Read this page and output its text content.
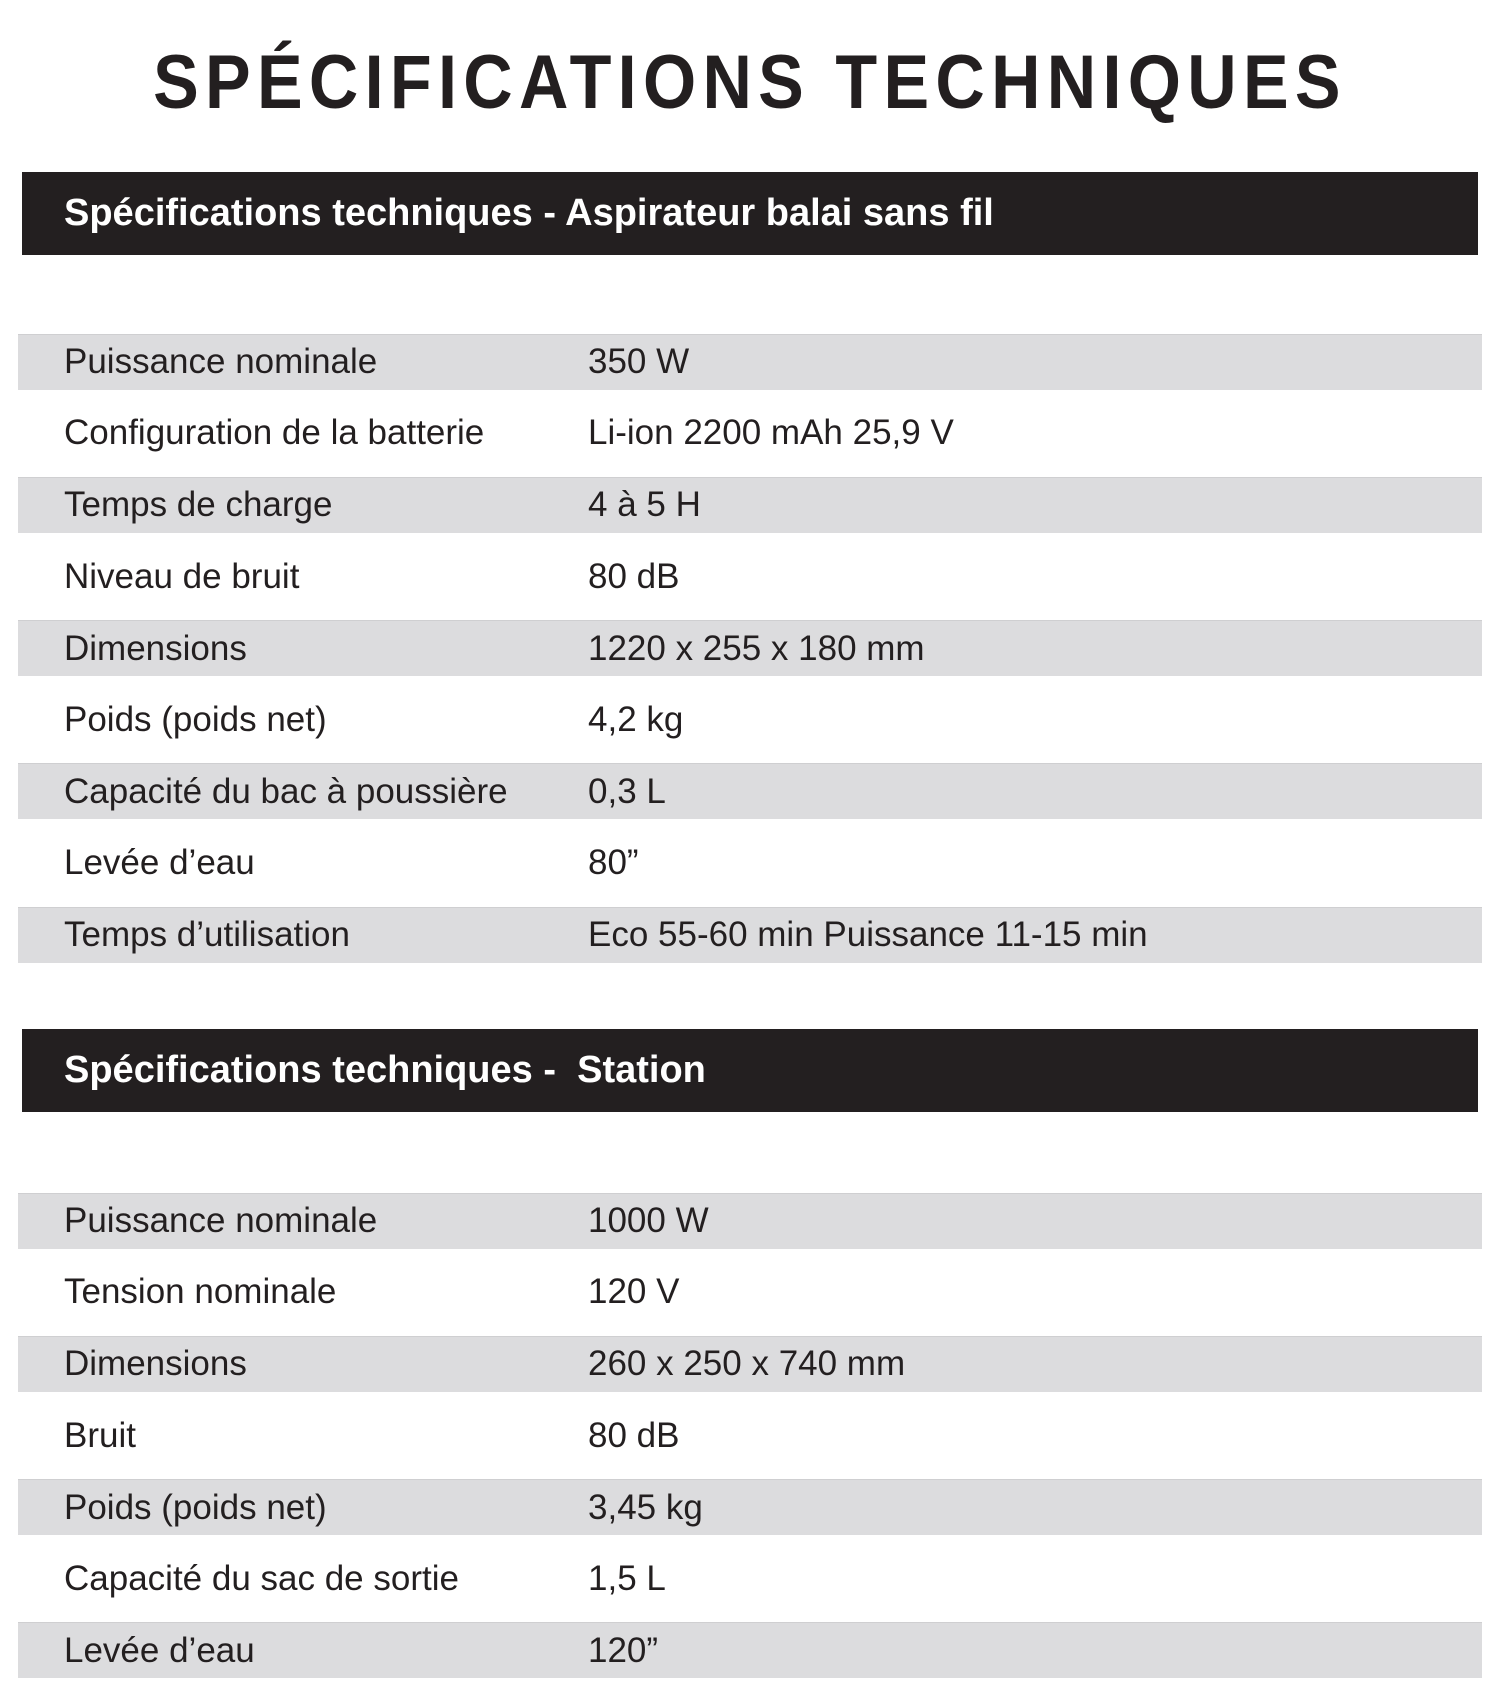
SPÉCIFICATIONS TECHNIQUES
Spécifications techniques - Aspirateur balai sans fil
Puissance nominale	350 W
Configuration de la batterie	Li-ion 2200 mAh 25,9 V
Temps de charge	4 à 5 H
Niveau de bruit	80 dB
Dimensions	1220 x 255 x 180 mm
Poids (poids net)	4,2 kg
Capacité du bac à poussière 0,3 L
Levée d’eau	80”
Temps d’utilisation	Eco 55-60 min Puissance 11-15 min
Spécifications techniques -  Station
Puissance nominale	1000 W
Tension nominale	120 V
Dimensions	260 x 250 x 740 mm
Bruit	80 dB
Poids (poids net)	3,45 kg
Capacité du sac de sortie	1,5 L
Levée d’eau	120”
